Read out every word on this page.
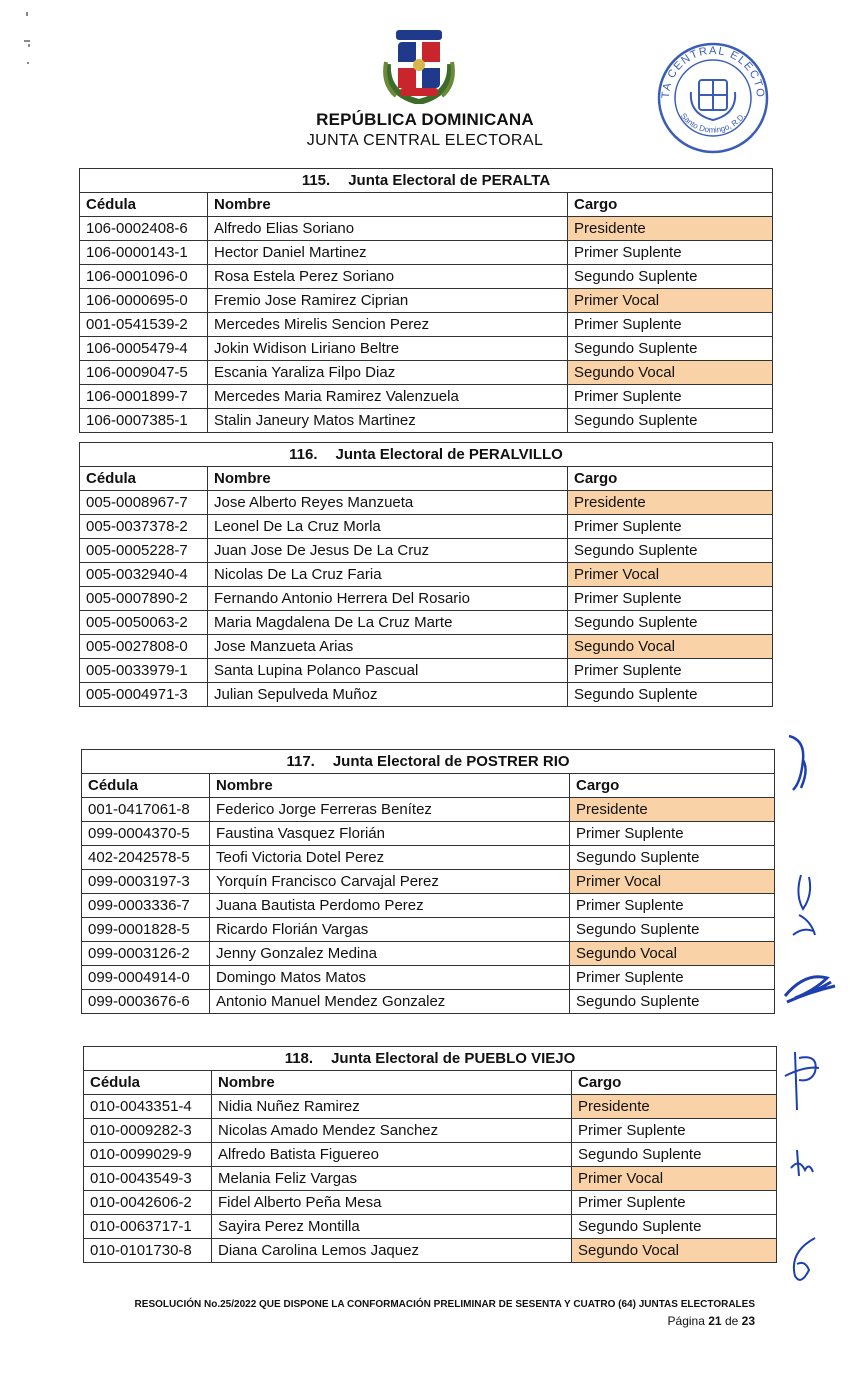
REPÚBLICA DOMINICANA
JUNTA CENTRAL ELECTORAL
TA CENTRAL ELECTO
Santo Domingo, R.D.
115. Junta Electoral de PERALTA		
Cédula	Nombre	Cargo
106-0002408-6	Alfredo Elias Soriano	Presidente
106-0000143-1	Hector Daniel Martinez	Primer Suplente
106-0001096-0	Rosa Estela Perez Soriano	Segundo Suplente
106-0000695-0	Fremio Jose Ramirez Ciprian	Primer Vocal
001-0541539-2	Mercedes Mirelis Sencion Perez	Primer Suplente
106-0005479-4	Jokin Widison Liriano Beltre	Segundo Suplente
106-0009047-5	Escania Yaraliza Filpo Diaz	Segundo Vocal
106-0001899-7	Mercedes Maria Ramirez Valenzuela	Primer Suplente
106-0007385-1	Stalin Janeury Matos Martinez	Segundo Suplente
116. Junta Electoral de PERALVILLO		
Cédula	Nombre	Cargo
005-0008967-7	Jose Alberto Reyes Manzueta	Presidente
005-0037378-2	Leonel De La Cruz Morla	Primer Suplente
005-0005228-7	Juan Jose De Jesus De La Cruz	Segundo Suplente
005-0032940-4	Nicolas De La Cruz Faria	Primer Vocal
005-0007890-2	Fernando Antonio Herrera Del Rosario	Primer Suplente
005-0050063-2	Maria Magdalena De La Cruz Marte	Segundo Suplente
005-0027808-0	Jose Manzueta Arias	Segundo Vocal
005-0033979-1	Santa Lupina Polanco Pascual	Primer Suplente
005-0004971-3	Julian Sepulveda Muñoz	Segundo Suplente
117. Junta Electoral de POSTRER RIO		
Cédula	Nombre	Cargo
001-0417061-8	Federico Jorge Ferreras Benítez	Presidente
099-0004370-5	Faustina Vasquez Florián	Primer Suplente
402-2042578-5	Teofi Victoria Dotel Perez	Segundo Suplente
099-0003197-3	Yorquín Francisco Carvajal Perez	Primer Vocal
099-0003336-7	Juana Bautista Perdomo Perez	Primer Suplente
099-0001828-5	Ricardo Florián Vargas	Segundo Suplente
099-0003126-2	Jenny Gonzalez Medina	Segundo Vocal
099-0004914-0	Domingo Matos Matos	Primer Suplente
099-0003676-6	Antonio Manuel Mendez Gonzalez	Segundo Suplente
118. Junta Electoral de PUEBLO VIEJO		
Cédula	Nombre	Cargo
010-0043351-4	Nidia Nuñez Ramirez	Presidente
010-0009282-3	Nicolas Amado Mendez Sanchez	Primer Suplente
010-0099029-9	Alfredo Batista Figuereo	Segundo Suplente
010-0043549-3	Melania Feliz Vargas	Primer Vocal
010-0042606-2	Fidel Alberto Peña Mesa	Primer Suplente
010-0063717-1	Sayira Perez Montilla	Segundo Suplente
010-0101730-8	Diana Carolina Lemos Jaquez	Segundo Vocal
RESOLUCIÓN No.25/2022 QUE DISPONE LA CONFORMACIÓN PRELIMINAR DE SESENTA Y CUATRO (64) JUNTAS ELECTORALES
Página 21 de 23
